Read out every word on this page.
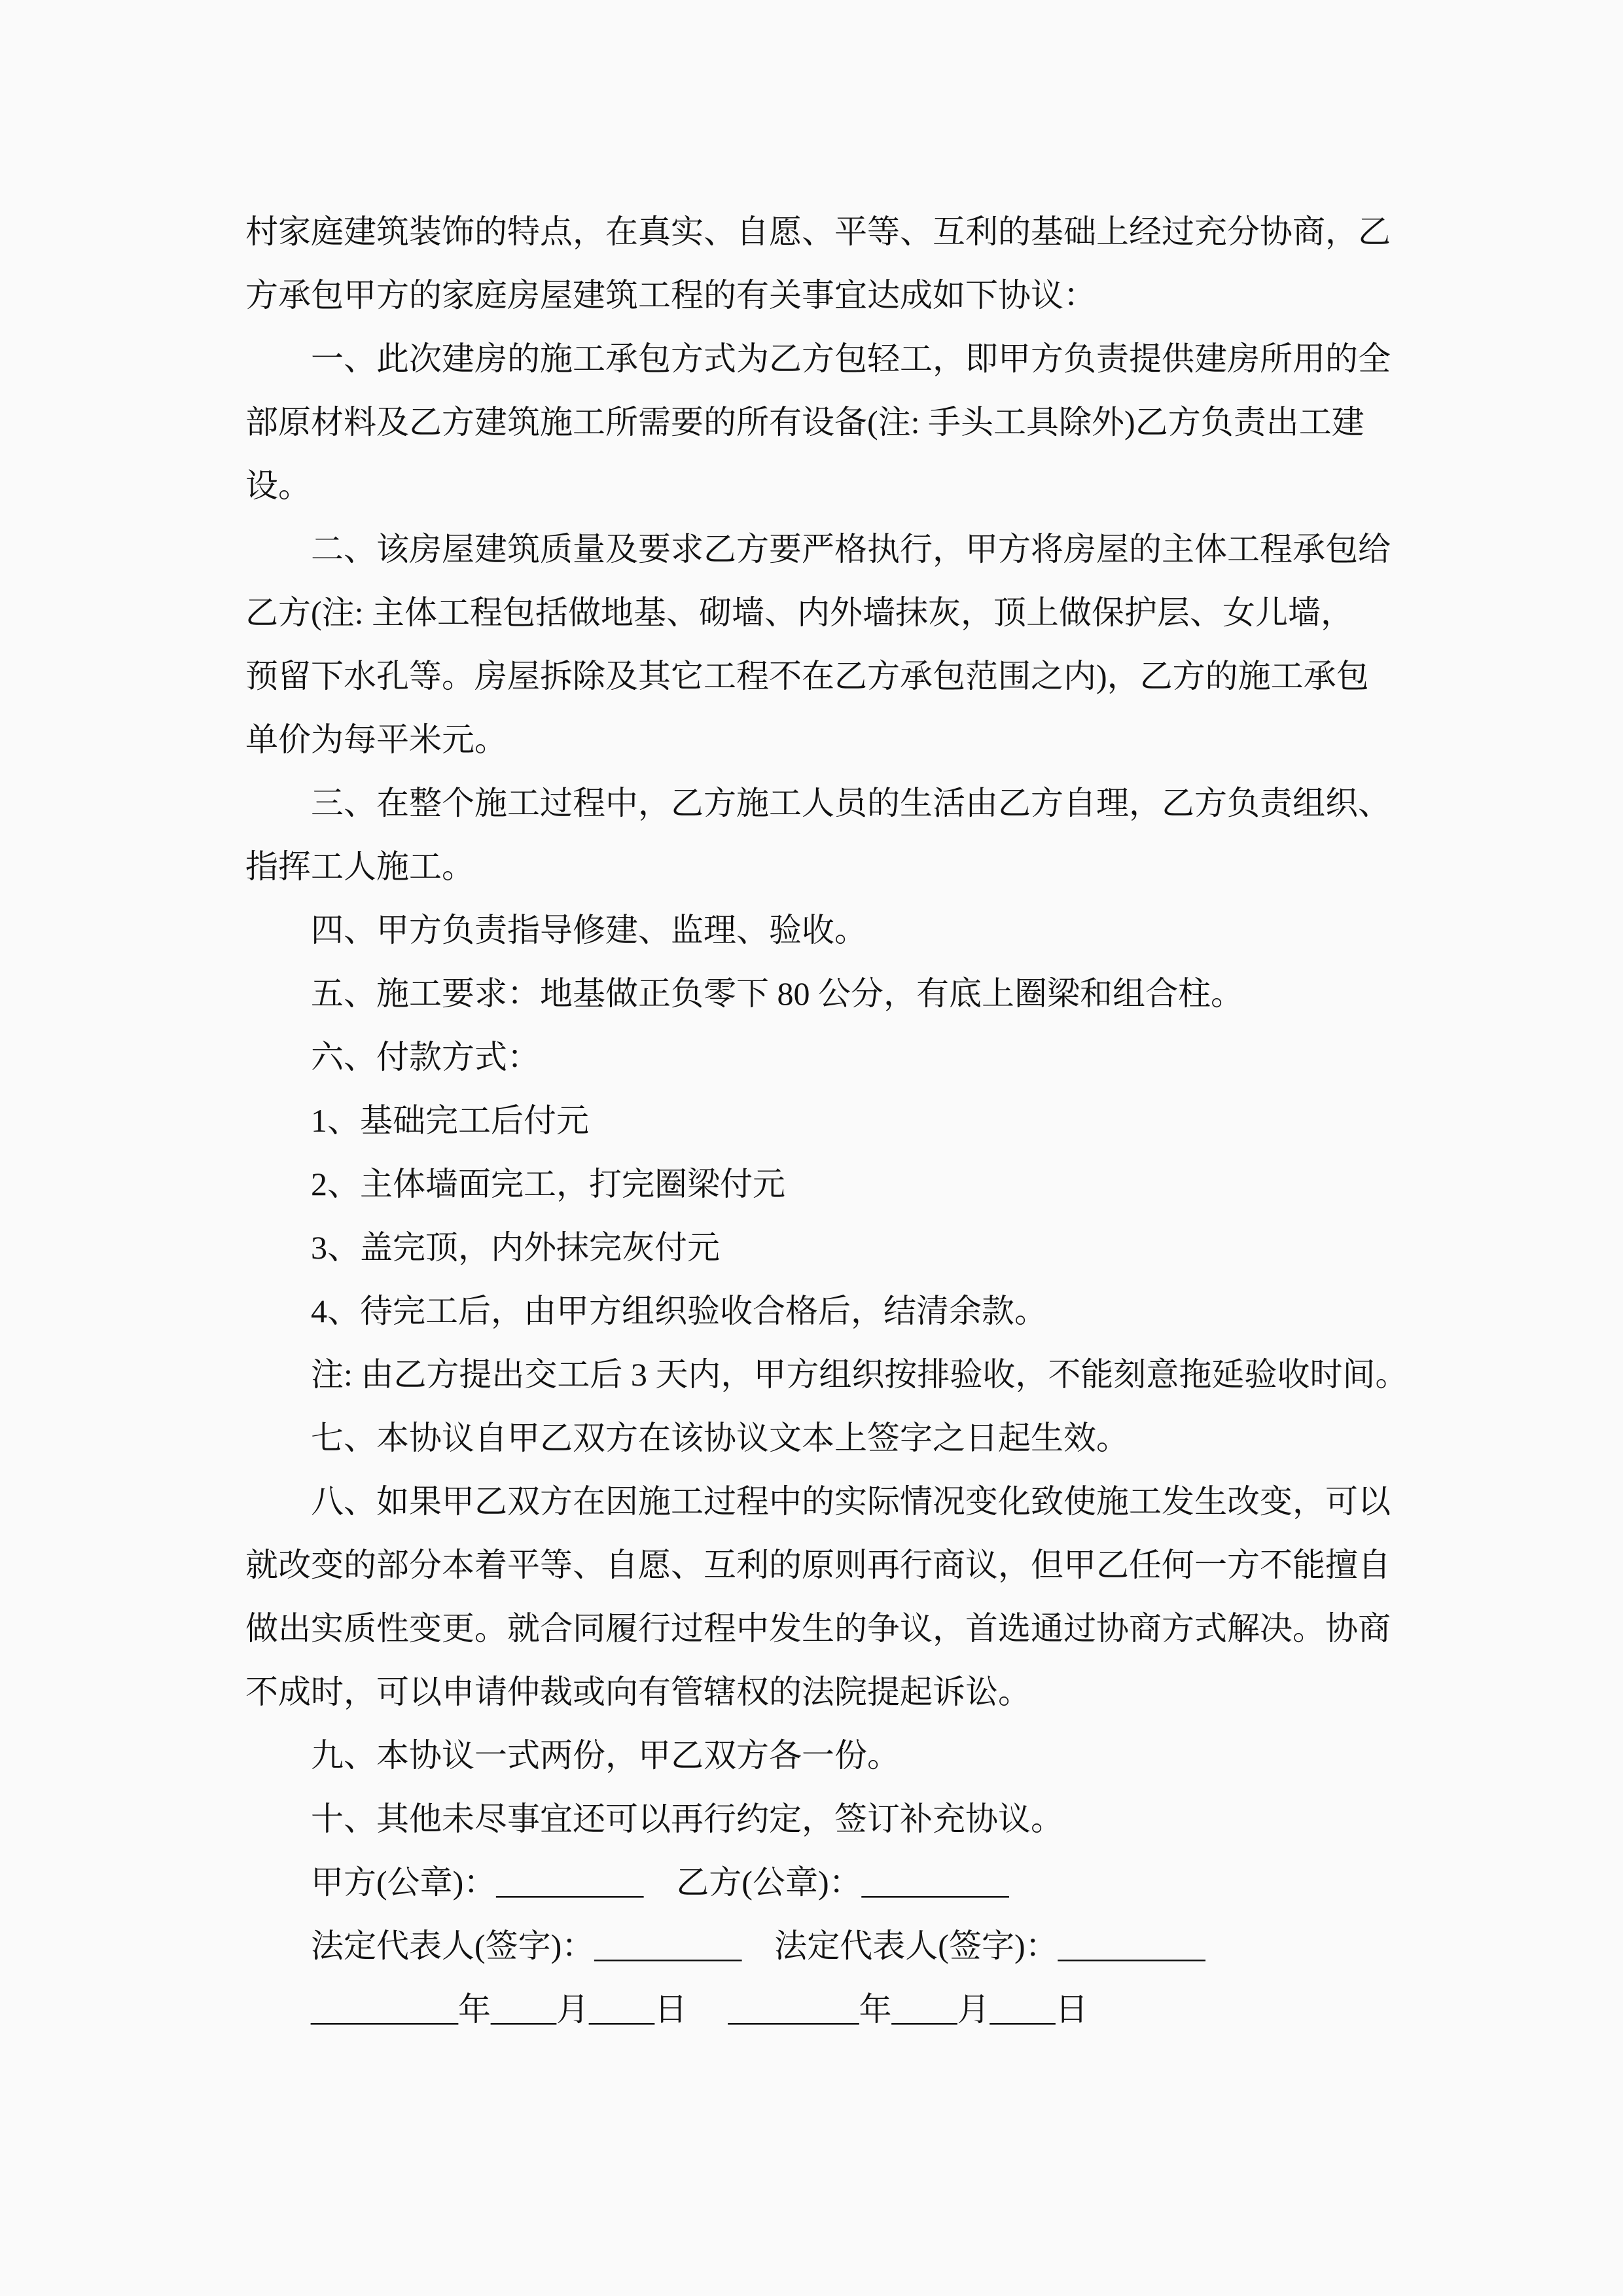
村家庭建筑装饰的特点，在真实、自愿、平等、互利的基础上经过充分协商，乙

方承包甲方的家庭房屋建筑工程的有关事宜达成如下协议：

一、此次建房的施工承包方式为乙方包轻工，即甲方负责提供建房所用的全

部原材料及乙方建筑施工所需要的所有设备(注: 手头工具除外)乙方负责出工建

设。

二、该房屋建筑质量及要求乙方要严格执行，甲方将房屋的主体工程承包给

乙方(注: 主体工程包括做地基、砌墙、内外墙抹灰，顶上做保护层、女儿墙，

预留下水孔等。房屋拆除及其它工程不在乙方承包范围之内)，乙方的施工承包

单价为每平米元。

三、在整个施工过程中，乙方施工人员的生活由乙方自理，乙方负责组织、

指挥工人施工。

四、甲方负责指导修建、监理、验收。

五、施工要求：地基做正负零下 80 公分，有底上圈梁和组合柱。

六、付款方式：

1、基础完工后付元

2、主体墙面完工，打完圈梁付元

3、盖完顶，内外抹完灰付元

4、待完工后，由甲方组织验收合格后，结清余款。

注: 由乙方提出交工后 3 天内，甲方组织按排验收，不能刻意拖延验收时间。

七、本协议自甲乙双方在该协议文本上签字之日起生效。

八、如果甲乙双方在因施工过程中的实际情况变化致使施工发生改变，可以

就改变的部分本着平等、自愿、互利的原则再行商议，但甲乙任何一方不能擅自

做出实质性变更。就合同履行过程中发生的争议，首选通过协商方式解决。协商

不成时，可以申请仲裁或向有管辖权的法院提起诉讼。

九、本协议一式两份，甲乙双方各一份。

十、其他未尽事宜还可以再行约定，签订补充协议。

甲方(公章)：_________　乙方(公章)：_________

法定代表人(签字)：_________　法定代表人(签字)：_________

_________年____月____日　 ________年____月____日
